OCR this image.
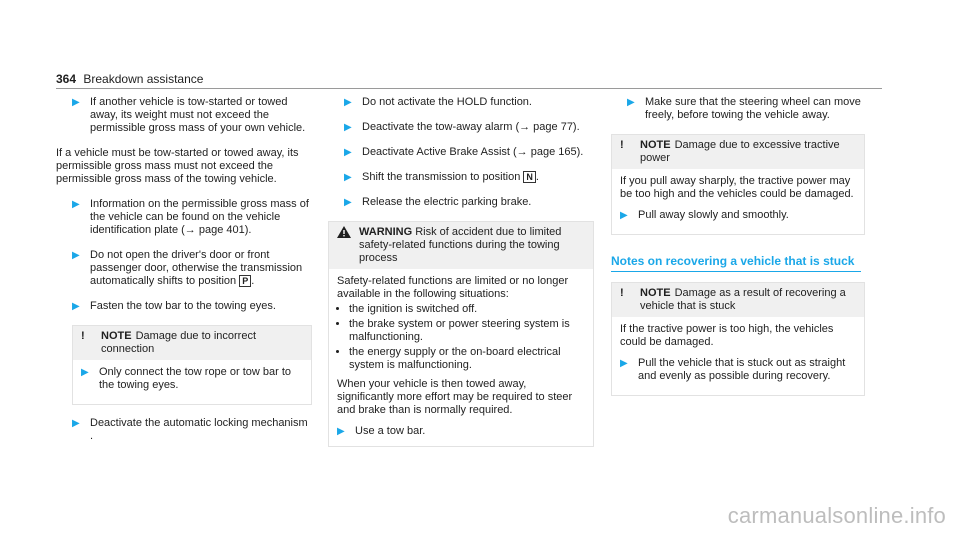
364 Breakdown assistance
▶ If another vehicle is tow-started or towed away, its weight must not exceed the permissible gross mass of your own vehicle.
If a vehicle must be tow-started or towed away, its permissible gross mass must not exceed the permissible gross mass of the towing vehicle.
▶ Information on the permissible gross mass of the vehicle can be found on the vehicle identification plate (→ page 401).
▶ Do not open the driver's door or front passenger door, otherwise the transmission automatically shifts to position P .
▶ Fasten the tow bar to the towing eyes.
!	NOTE Damage due to incorrect connection
▶ Only connect the tow rope or tow bar to the towing eyes.
▶ Deactivate the automatic locking mechanism .
▶ Do not activate the HOLD function.
▶ Deactivate the tow-away alarm (→ page 77).
▶ Deactivate Active Brake Assist (→ page 165).
▶ Shift the transmission to position N .
▶ Release the electric parking brake.
WARNING Risk of accident due to limited safety-related functions during the towing process
Safety-related functions are limited or no longer available in the following situations:
• the ignition is switched off.
• the brake system or power steering system is malfunctioning.
• the energy supply or the on-board electrical system is malfunctioning.
When your vehicle is then towed away, significantly more effort may be required to steer and brake than is normally required.
▶ Use a tow bar.
▶ Make sure that the steering wheel can move freely, before towing the vehicle away.
!	NOTE Damage due to excessive tractive power
If you pull away sharply, the tractive power may be too high and the vehicles could be damaged.
▶ Pull away slowly and smoothly.
Notes on recovering a vehicle that is stuck
!	NOTE Damage as a result of recovering a vehicle that is stuck
If the tractive power is too high, the vehicles could be damaged.
▶ Pull the vehicle that is stuck out as straight and evenly as possible during recovery.
carmanualsonline.info
